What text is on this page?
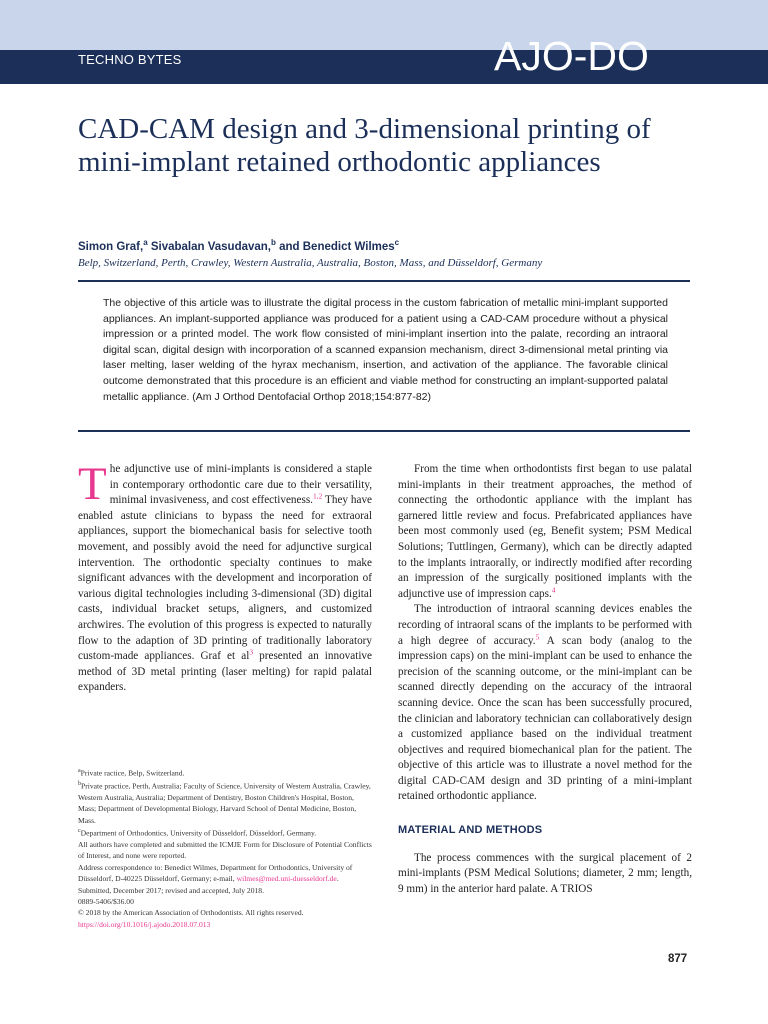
TECHNO BYTES	AJO-DO
CAD-CAM design and 3-dimensional printing of mini-implant retained orthodontic appliances
Simon Graf,$^a$ Sivabalan Vasudavan,$^b$ and Benedict Wilmes$^c$
Belp, Switzerland, Perth, Crawley, Western Australia, Australia, Boston, Mass, and Düsseldorf, Germany

The objective of this article was to illustrate the digital process in the custom fabrication of metallic mini-implant supported appliances. An implant-supported appliance was produced for a patient using a CAD-CAM procedure without a physical impression or a printed model. The work flow consisted of mini-implant insertion into the palate, recording an intraoral digital scan, digital design with incorporation of a scanned expansion mechanism, direct 3-dimensional metal printing via laser melting, laser welding of the hyrax mechanism, insertion, and activation of the appliance. The favorable clinical outcome demonstrated that this procedure is an efficient and viable method for constructing an implant-supported palatal metallic appliance. (Am J Orthod Dentofacial Orthop 2018;154:877-82)

The adjunctive use of mini-implants is considered a staple in contemporary orthodontic care due to their versatility, minimal invasiveness, and cost effectiveness.$^{1,2}$ They have enabled astute clinicians to bypass the need for extraoral appliances, support the biomechanical basis for selective tooth movement, and possibly avoid the need for adjunctive surgical intervention. The orthodontic specialty continues to make significant advances with the development and incorporation of various digital technologies including 3-dimensional (3D) digital casts, individual bracket setups, aligners, and customized archwires. The evolution of this progress is expected to naturally flow to the adaption of 3D printing of traditionally laboratory custom-made appliances. Graf et al$^3$ presented an innovative method of 3D metal printing (laser melting) for rapid palatal expanders.

$^a$Private ractice, Belp, Switzerland.

$^b$Private practice, Perth, Australia; Faculty of Science, University of Western Australia, Crawley, Western Australia, Australia; Department of Dentistry, Boston Children's Hospital, Boston, Mass; Department of Developmental Biology, Harvard School of Dental Medicine, Boston, Mass.

$^c$Department of Orthodontics, University of Düsseldorf, Düsseldorf, Germany.

All authors have completed and submitted the ICMJE Form for Disclosure of Potential Conflicts of Interest, and none were reported.

Address correspondence to: Benedict Wilmes, Department for Orthodontics, University of Düsseldorf, D-40225 Düsseldorf, Germany; e-mail, wilmes@med.uni-duesseldorf.de.

Submitted, December 2017; revised and accepted, July 2018.

0889-5406/$36.00

© 2018 by the American Association of Orthodontists. All rights reserved.

https://doi.org/10.1016/j.ajodo.2018.07.013

From the time when orthodontists first began to use palatal mini-implants in their treatment approaches, the method of connecting the orthodontic appliance with the implant has garnered little review and focus. Prefabricated appliances have been most commonly used (eg, Benefit system; PSM Medical Solutions; Tuttlingen, Germany), which can be directly adapted to the implants intraorally, or indirectly modified after recording an impression of the surgically positioned implants with the adjunctive use of impression caps.$^4$

The introduction of intraoral scanning devices enables the recording of intraoral scans of the implants to be performed with a high degree of accuracy.$^5$ A scan body (analog to the impression caps) on the mini-implant can be used to enhance the precision of the scanning outcome, or the mini-implant can be scanned directly depending on the accuracy of the intraoral scanning device. Once the scan has been successfully procured, the clinician and laboratory technician can collaboratively design a customized appliance based on the individual treatment objectives and required biomechanical plan for the patient. The objective of this article was to illustrate a novel method for the digital CAD-CAM design and 3D printing of a mini-implant retained orthodontic appliance.

MATERIAL AND METHODS

The process commences with the surgical placement of 2 mini-implants (PSM Medical Solutions; diameter, 2 mm; length, 9 mm) in the anterior hard palate. A TRIOS

877
